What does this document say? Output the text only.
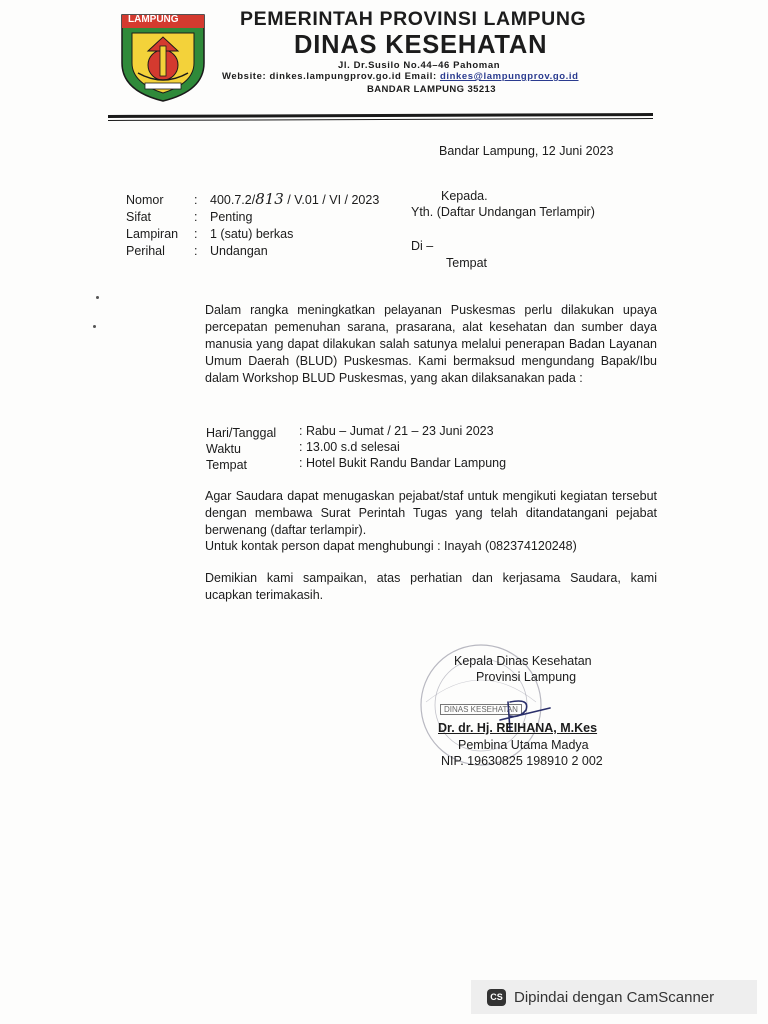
LAMPUNG	PEMERINTAH PROVINSI LAMPUNG
DINAS KESEHATAN
Jl. Dr.Susilo No.44–46 Pahoman
Website: dinkes.lampungprov.go.id Email: dinkes@lampungprov.go.id
BANDAR LAMPUNG 35213
Bandar Lampung, 12 Juni 2023
Nomor : 400.7.2/813 / V.01 / VI / 2023
Sifat	: Penting
Lampiran : 1 (satu) berkas
Perihal : Undangan
Kepada.
Yth. (Daftar Undangan Terlampir)
Di –
Tempat
Dalam rangka meningkatkan pelayanan Puskesmas perlu dilakukan upaya percepatan pemenuhan sarana, prasarana, alat kesehatan dan sumber daya manusia yang dapat dilakukan salah satunya melalui penerapan Badan Layanan Umum Daerah (BLUD) Puskesmas. Kami bermaksud mengundang Bapak/Ibu dalam Workshop BLUD Puskesmas, yang akan dilaksanakan pada :
Hari/Tanggal : Rabu – Jumat / 21 – 23 Juni 2023
Waktu	: 13.00 s.d selesai
Tempat	: Hotel Bukit Randu Bandar Lampung
Agar Saudara dapat menugaskan pejabat/staf untuk mengikuti kegiatan tersebut dengan membawa Surat Perintah Tugas yang telah ditandatangani pejabat berwenang (daftar terlampir).
Untuk kontak person dapat menghubungi : Inayah (082374120248)
Demikian kami sampaikan, atas perhatian dan kerjasama Saudara, kami ucapkan terimakasih.
DINAS KESEHATAN
Kepala Dinas Kesehatan
Provinsi Lampung
Dr. dr. Hj. REIHANA, M.Kes
Pembina Utama Madya
NIP. 19630825 198910 2 002
CS Dipindai dengan CamScanner
